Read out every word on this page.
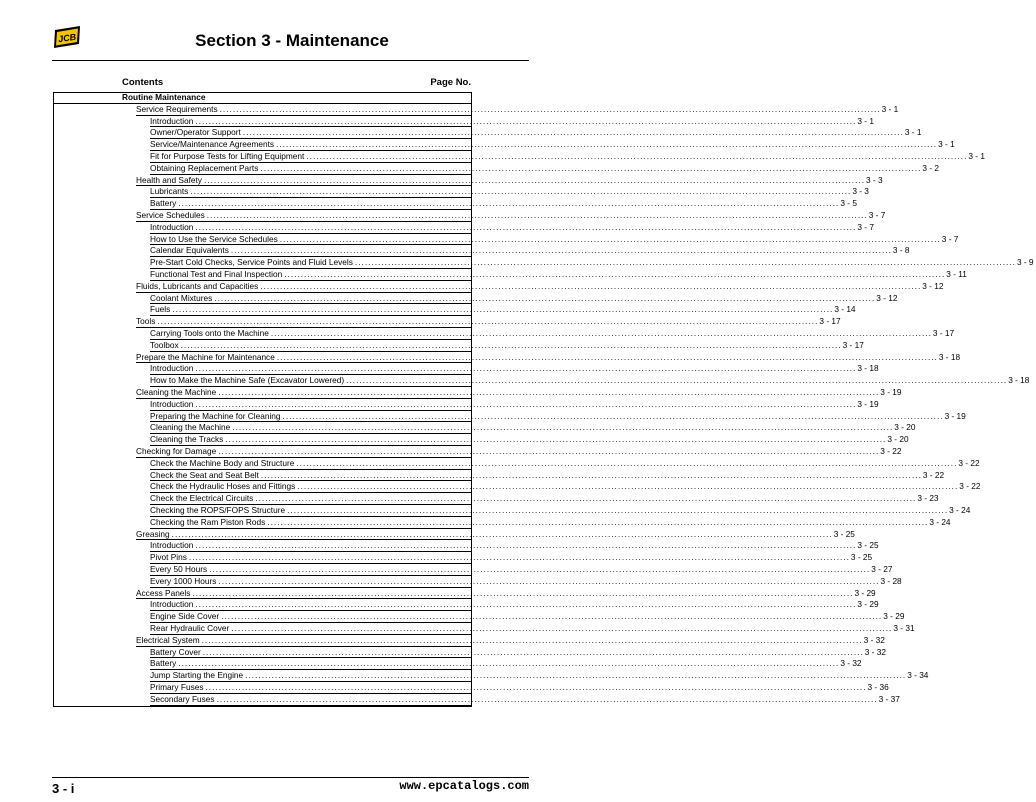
JCB	Section 3 - Maintenance
Contents	Page No.
Routine Maintenance
Service Requirements ........................................................................................................................................................................................................ 3 - 1
Introduction ........................................................................................................................................................................................................ 3 - 1
Owner/Operator Support ........................................................................................................................................................................................................ 3 - 1
Service/Maintenance Agreements ........................................................................................................................................................................................................ 3 - 1
Fit for Purpose Tests for Lifting Equipment ........................................................................................................................................................................................................ 3 - 1
Obtaining Replacement Parts ........................................................................................................................................................................................................ 3 - 2
Health and Safety ........................................................................................................................................................................................................ 3 - 3
Lubricants ........................................................................................................................................................................................................ 3 - 3
Battery ........................................................................................................................................................................................................ 3 - 5
Service Schedules ........................................................................................................................................................................................................ 3 - 7
Introduction ........................................................................................................................................................................................................ 3 - 7
How to Use the Service Schedules ........................................................................................................................................................................................................ 3 - 7
Calendar Equivalents ........................................................................................................................................................................................................ 3 - 8
Pre-Start Cold Checks, Service Points and Fluid Levels ........................................................................................................................................................................................................ 3 - 9
Functional Test and Final Inspection ........................................................................................................................................................................................................ 3 - 11
Fluids, Lubricants and Capacities ........................................................................................................................................................................................................ 3 - 12
Coolant Mixtures ........................................................................................................................................................................................................ 3 - 12
Fuels ........................................................................................................................................................................................................ 3 - 14
Tools ........................................................................................................................................................................................................ 3 - 17
Carrying Tools onto the Machine ........................................................................................................................................................................................................ 3 - 17
Toolbox ........................................................................................................................................................................................................ 3 - 17
Prepare the Machine for Maintenance ........................................................................................................................................................................................................ 3 - 18
Introduction ........................................................................................................................................................................................................ 3 - 18
How to Make the Machine Safe (Excavator Lowered) ........................................................................................................................................................................................................ 3 - 18
Cleaning the Machine ........................................................................................................................................................................................................ 3 - 19
Introduction ........................................................................................................................................................................................................ 3 - 19
Preparing the Machine for Cleaning ........................................................................................................................................................................................................ 3 - 19
Cleaning the Machine ........................................................................................................................................................................................................ 3 - 20
Cleaning the Tracks ........................................................................................................................................................................................................ 3 - 20
Checking for Damage ........................................................................................................................................................................................................ 3 - 22
Check the Machine Body and Structure ........................................................................................................................................................................................................ 3 - 22
Check the Seat and Seat Belt ........................................................................................................................................................................................................ 3 - 22
Check the Hydraulic Hoses and Fittings ........................................................................................................................................................................................................ 3 - 22
Check the Electrical Circuits ........................................................................................................................................................................................................ 3 - 23
Checking the ROPS/FOPS Structure ........................................................................................................................................................................................................ 3 - 24
Checking the Ram Piston Rods ........................................................................................................................................................................................................ 3 - 24
Greasing ........................................................................................................................................................................................................ 3 - 25
Introduction ........................................................................................................................................................................................................ 3 - 25
Pivot Pins ........................................................................................................................................................................................................ 3 - 25
Every 50 Hours ........................................................................................................................................................................................................ 3 - 27
Every 1000 Hours ........................................................................................................................................................................................................ 3 - 28
Access Panels ........................................................................................................................................................................................................ 3 - 29
Introduction ........................................................................................................................................................................................................ 3 - 29
Engine Side Cover ........................................................................................................................................................................................................ 3 - 29
Rear Hydraulic Cover ........................................................................................................................................................................................................ 3 - 31
Electrical System ........................................................................................................................................................................................................ 3 - 32
Battery Cover ........................................................................................................................................................................................................ 3 - 32
Battery ........................................................................................................................................................................................................ 3 - 32
Jump Starting the Engine ........................................................................................................................................................................................................ 3 - 34
Primary Fuses ........................................................................................................................................................................................................ 3 - 36
Secondary Fuses ........................................................................................................................................................................................................ 3 - 37
3 - i	www.epcatalogs.com
